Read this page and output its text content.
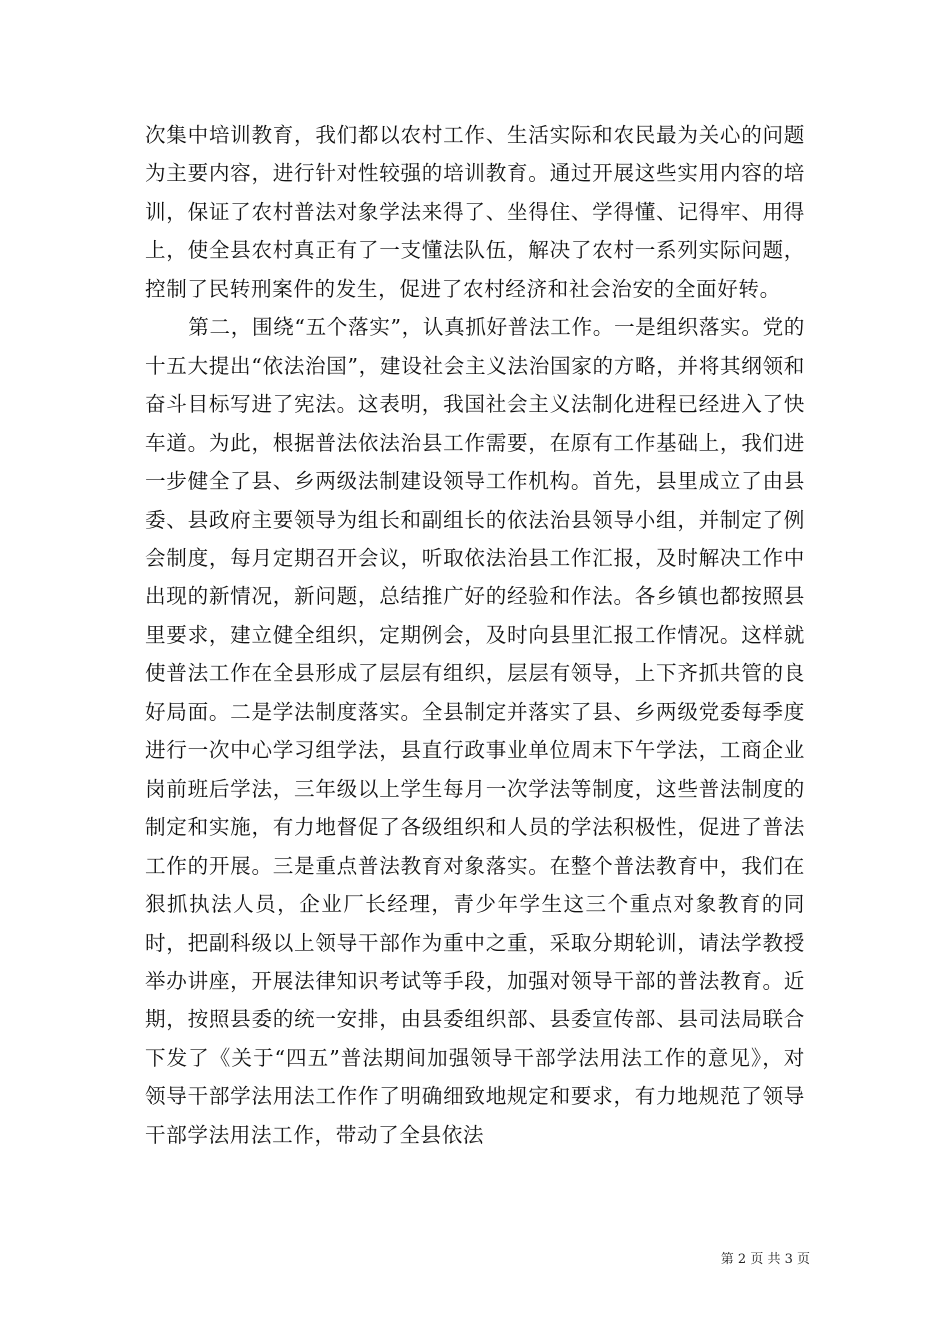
次集中培训教育，我们都以农村工作、生活实际和农民最为关心的问题为主要内容，进行针对性较强的培训教育。通过开展这些实用内容的培训，保证了农村普法对象学法来得了、坐得住、学得懂、记得牢、用得上，使全县农村真正有了一支懂法队伍，解决了农村一系列实际问题，控制了民转刑案件的发生，促进了农村经济和社会治安的全面好转。

第二，围绕“五个落实”，认真抓好普法工作。一是组织落实。党的十五大提出“依法治国”，建设社会主义法治国家的方略，并将其纲领和奋斗目标写进了宪法。这表明，我国社会主义法制化进程已经进入了快车道。为此，根据普法依法治县工作需要，在原有工作基础上，我们进一步健全了县、乡两级法制建设领导工作机构。首先，县里成立了由县委、县政府主要领导为组长和副组长的依法治县领导小组，并制定了例会制度，每月定期召开会议，听取依法治县工作汇报，及时解决工作中出现的新情况，新问题，总结推广好的经验和作法。各乡镇也都按照县里要求，建立健全组织，定期例会，及时向县里汇报工作情况。这样就使普法工作在全县形成了层层有组织，层层有领导，上下齐抓共管的良好局面。二是学法制度落实。全县制定并落实了县、乡两级党委每季度进行一次中心学习组学法，县直行政事业单位周末下午学法，工商企业岗前班后学法，三年级以上学生每月一次学法等制度，这些普法制度的制定和实施，有力地督促了各级组织和人员的学法积极性，促进了普法工作的开展。三是重点普法教育对象落实。在整个普法教育中，我们在狠抓执法人员，企业厂长经理，青少年学生这三个重点对象教育的同时，把副科级以上领导干部作为重中之重，采取分期轮训，请法学教授举办讲座，开展法律知识考试等手段，加强对领导干部的普法教育。近期，按照县委的统一安排，由县委组织部、县委宣传部、县司法局联合下发了《关于“四五”普法期间加强领导干部学法用法工作的意见》，对领导干部学法用法工作作了明确细致地规定和要求，有力地规范了领导干部学法用法工作，带动了全县依法

第 2 页 共 3 页
